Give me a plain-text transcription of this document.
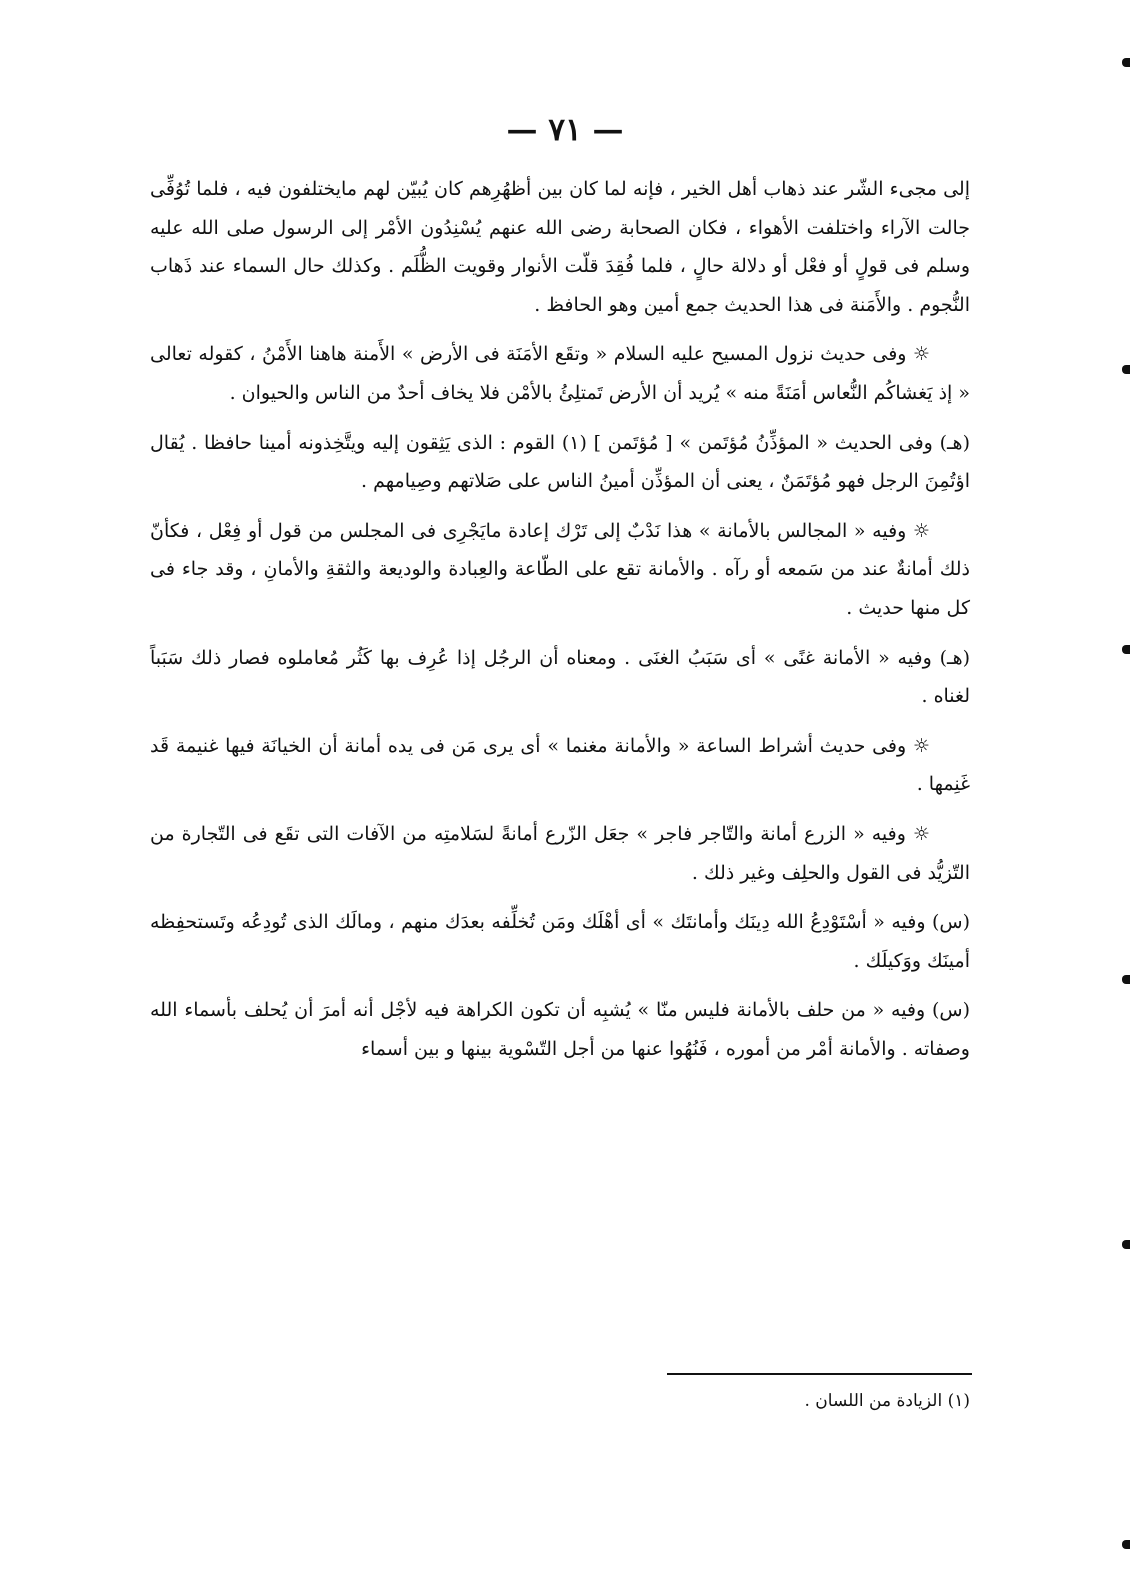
— ٧١ —

إلى مجىء الشّر عند ذهاب أهل الخير ، فإنه لما كان بين أظهُرِهم كان يُبيّن لهم مايختلفون فيه ، فلما تُوُفِّى جالت الآراء واختلفت الأهواء ، فكان الصحابة رضى الله عنهم يُسْنِدُون الأمْر إلى الرسول صلى الله عليه وسلم فى قولٍ أو فعْل أو دلالة حالٍ ، فلما فُقِدَ قلّت الأنوار وقويت الظُّلَم . وكذلك حال السماء عند ذَهاب النُّجوم . والأَمَنة فى هذا الحديث جمع أمين وهو الحافظ .

☼ وفى حديث نزول المسيح عليه السلام « وتقَع الأمَنَة فى الأرض » الأَمنة هاهنا الأَمْنُ ، كقوله تعالى « إذ يَغشاكُم النُّعاس أمَنَةً منه » يُريد أن الأرض تَمتلِئُ بالأمْن فلا يخاف أحدٌ من الناس والحيوان .

(هـ) وفى الحديث « المؤذِّنُ مُؤتَمن » [ مُؤتَمن ] (١) القوم : الذى يَثِقون إليه ويتَّخِذونه أمينا حافظا . يُقال اؤتُمِنَ الرجل فهو مُؤتَمَنٌ ، يعنى أن المؤذِّن أمينُ الناس على صَلاتهم وصِيامهم .

☼ وفيه « المجالس بالأمانة » هذا نَدْبٌ إلى تَرْك إعادة مايَجْرِى فى المجلس من قول أو فِعْل ، فكأنّ ذلك أمانةٌ عند من سَمعه أو رآه . والأمانة تقع على الطّاعة والعِبادة والوديعة والثقةِ والأمانِ ، وقد جاء فى كل منها حديث .

(هـ) وفيه « الأمانة غنًى » أى سَبَبُ الغنَى . ومعناه أن الرجُل إذا عُرِف بها كَثُر مُعاملوه فصار ذلك سَبَباً لغناه .

☼ وفى حديث أشراط الساعة « والأمانة مغنما » أى يرى مَن فى يده أمانة أن الخيانَة فيها غنيمة قَد غَنِمها .

☼ وفيه « الزرع أمانة والتّاجر فاجر » جعَل الزّرع أمانةً لسَلامتِه من الآفات التى تقَع فى التّجارة من التّزيُّد فى القول والحلِف وغير ذلك .

(س) وفيه « أسْتَوْدِعُ الله دِينَك وأمانتَك » أى أهْلَك ومَن تُخلِّفه بعدَك منهم ، ومالَك الذى تُودِعُه وتَستحفِظه أمينَك ووَكيلَك .

(س) وفيه « من حلف بالأمانة فليس منّا » يُشبِه أن تكون الكراهة فيه لأجْل أنه أمرَ أن يُحلف بأسماء الله وصفاته . والأمانة أمْر من أموره ، فَنُهُوا عنها من أجل التّسْوية بينها و بين أسماء

(١) الزيادة من اللسان .
